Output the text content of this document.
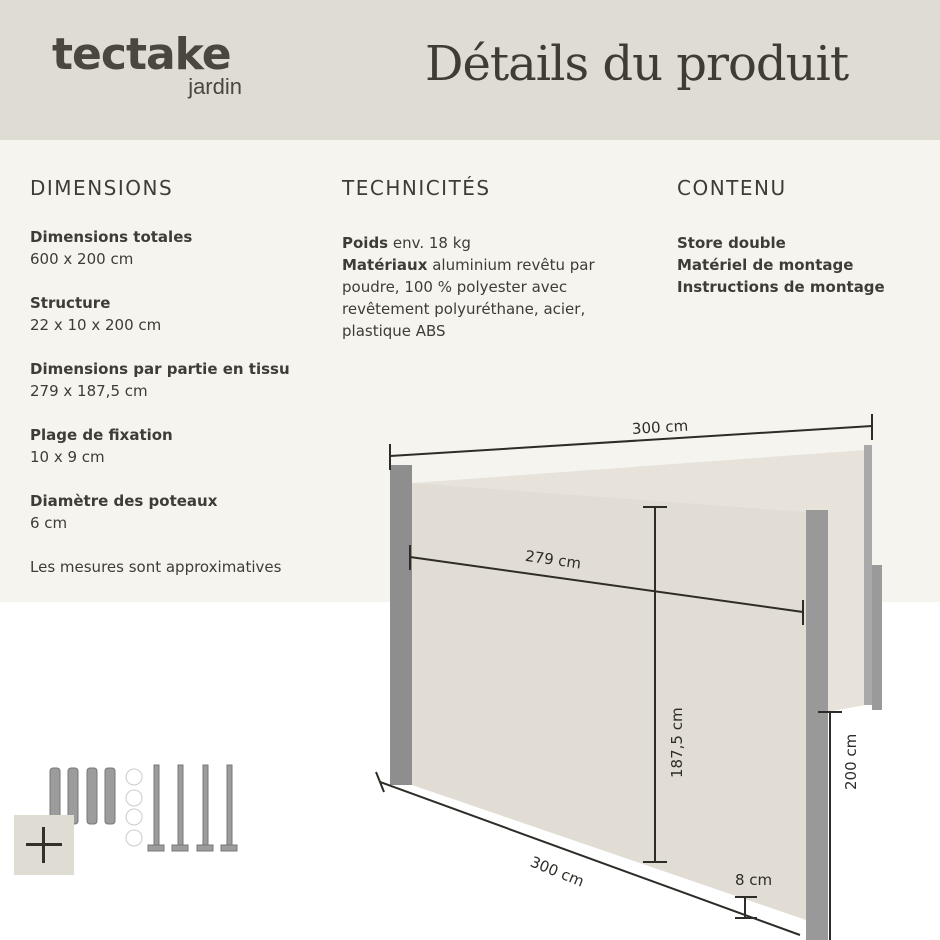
tectake
jardin	Détails du produit
DIMENSIONS

Dimensions totales

600 x 200 cm

Structure

22 x 10 x 200 cm

Dimensions par partie en tissu

279 x 187,5 cm

Plage de fixation

10 x 9 cm

Diamètre des poteaux

6 cm

Les mesures sont approximatives

TECHNICITÉS

Poids env. 18 kg

Matériaux aluminium revêtu par poudre, 100 % polyester avec revêtement polyuréthane, acier, plastique ABS

CONTENU

Store double

Matériel de montage

Instructions de montage

300 cm
279 cm
187,5 cm	200 cm
300 cm	8 cm
